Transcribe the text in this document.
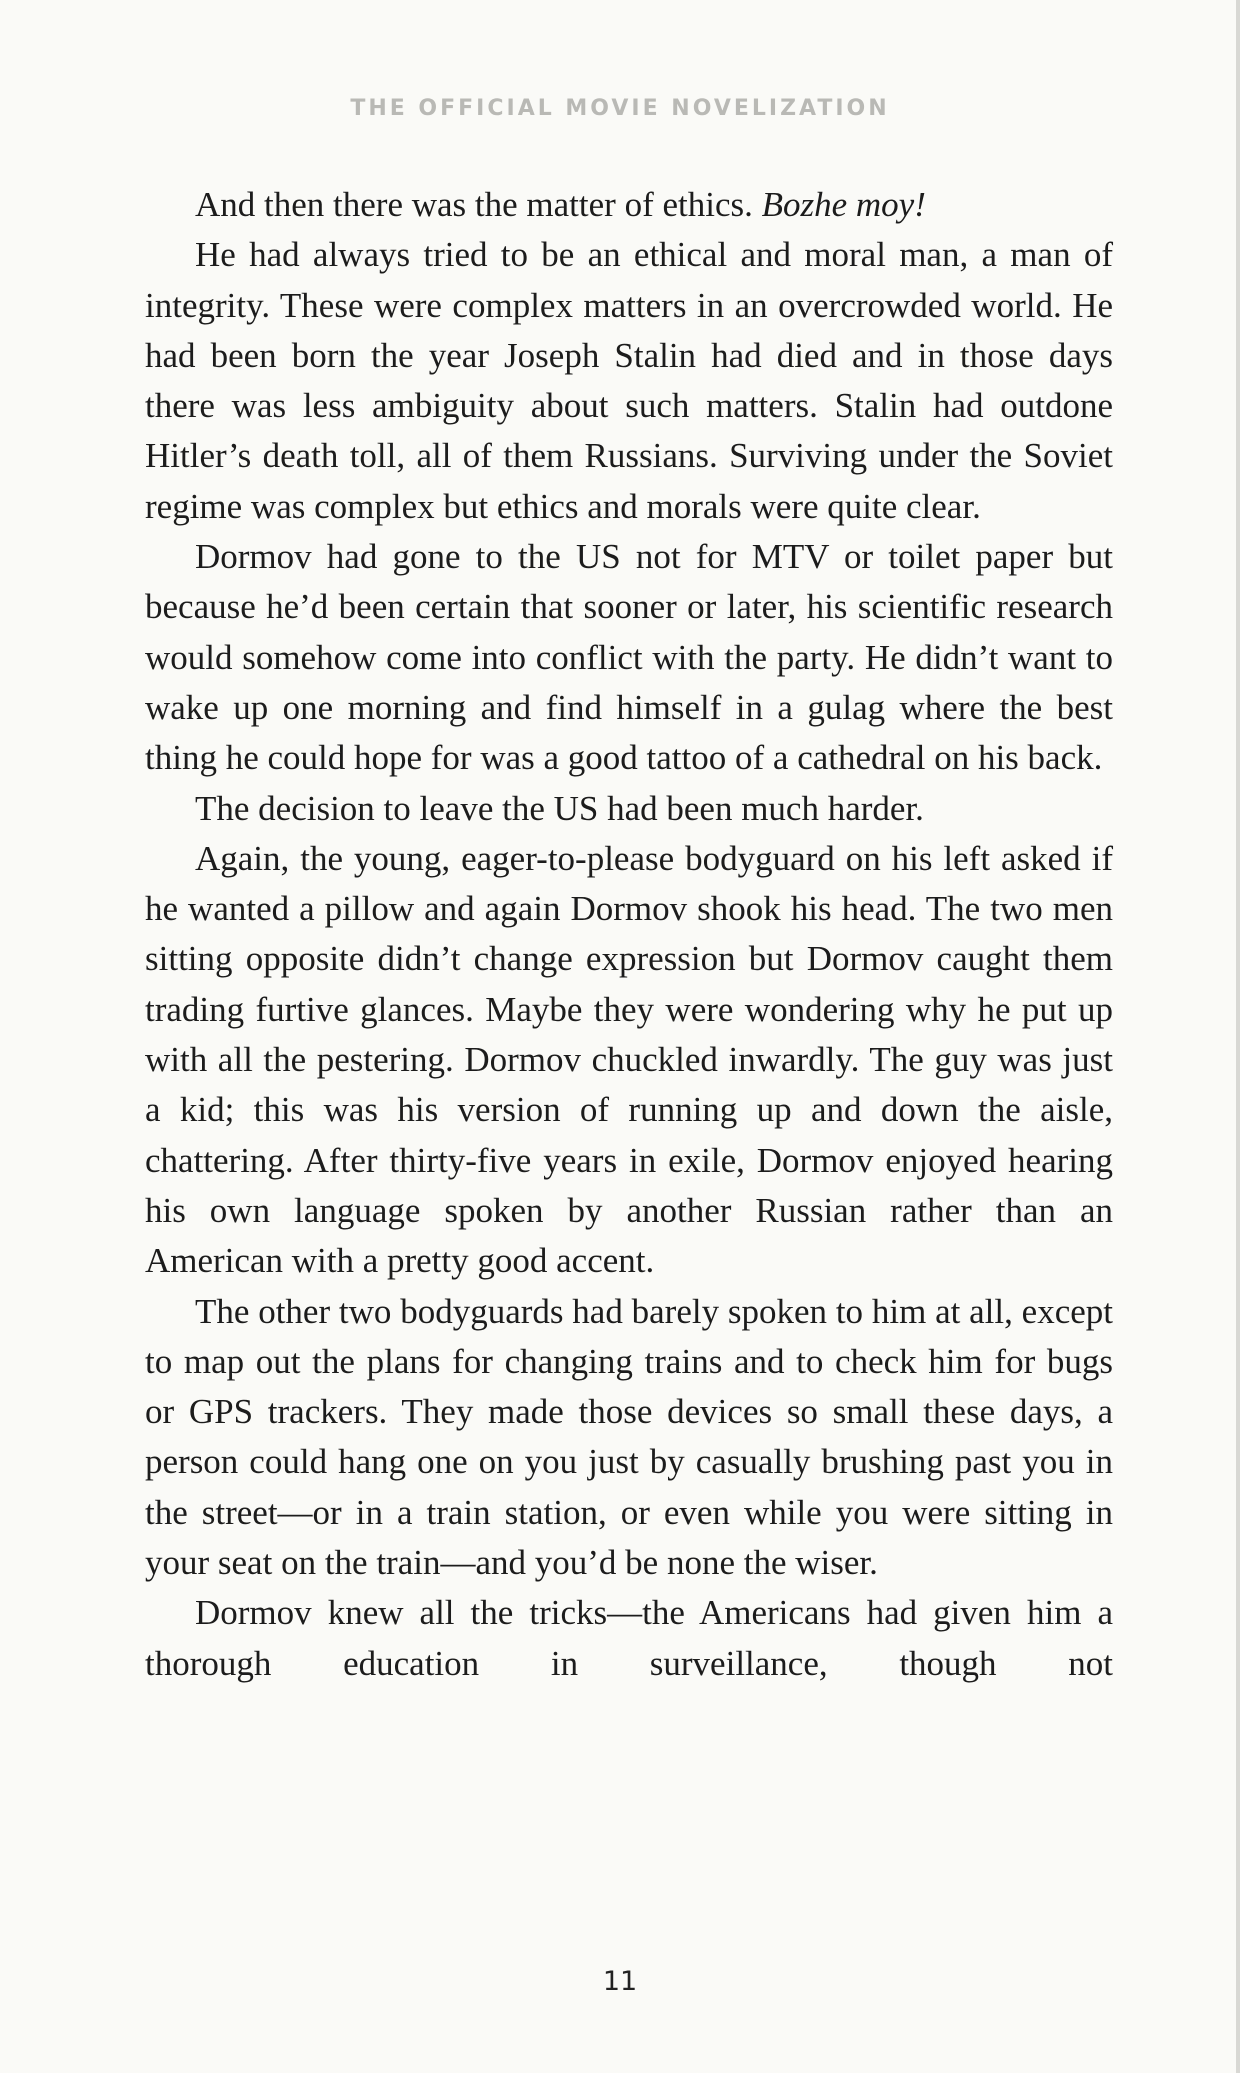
THE OFFICIAL MOVIE NOVELIZATION

And then there was the matter of ethics. Bozhe moy!

He had always tried to be an ethical and moral man, a man of integrity. These were complex matters in an overcrowded world. He had been born the year Joseph Stalin had died and in those days there was less ambiguity about such matters. Stalin had outdone Hitler’s death toll, all of them Russians. Surviving under the Soviet regime was complex but ethics and morals were quite clear.

Dormov had gone to the US not for MTV or toilet paper but because he’d been certain that sooner or later, his scientific research would somehow come into conflict with the party. He didn’t want to wake up one morning and find himself in a gulag where the best thing he could hope for was a good tattoo of a cathedral on his back.

The decision to leave the US had been much harder.

Again, the young, eager-to-please bodyguard on his left asked if he wanted a pillow and again Dormov shook his head. The two men sitting opposite didn’t change expression but Dormov caught them trading furtive glances. Maybe they were wondering why he put up with all the pestering. Dormov chuckled inwardly. The guy was just a kid; this was his version of running up and down the aisle, chattering. After thirty-five years in exile, Dormov enjoyed hearing his own language spoken by another Russian rather than an American with a pretty good accent.

The other two bodyguards had barely spoken to him at all, except to map out the plans for changing trains and to check him for bugs or GPS trackers. They made those devices so small these days, a person could hang one on you just by casually brushing past you in the street—or in a train station, or even while you were sitting in your seat on the train—and you’d be none the wiser.

Dormov knew all the tricks—the Americans had given him a thorough education in surveillance, though not

11
